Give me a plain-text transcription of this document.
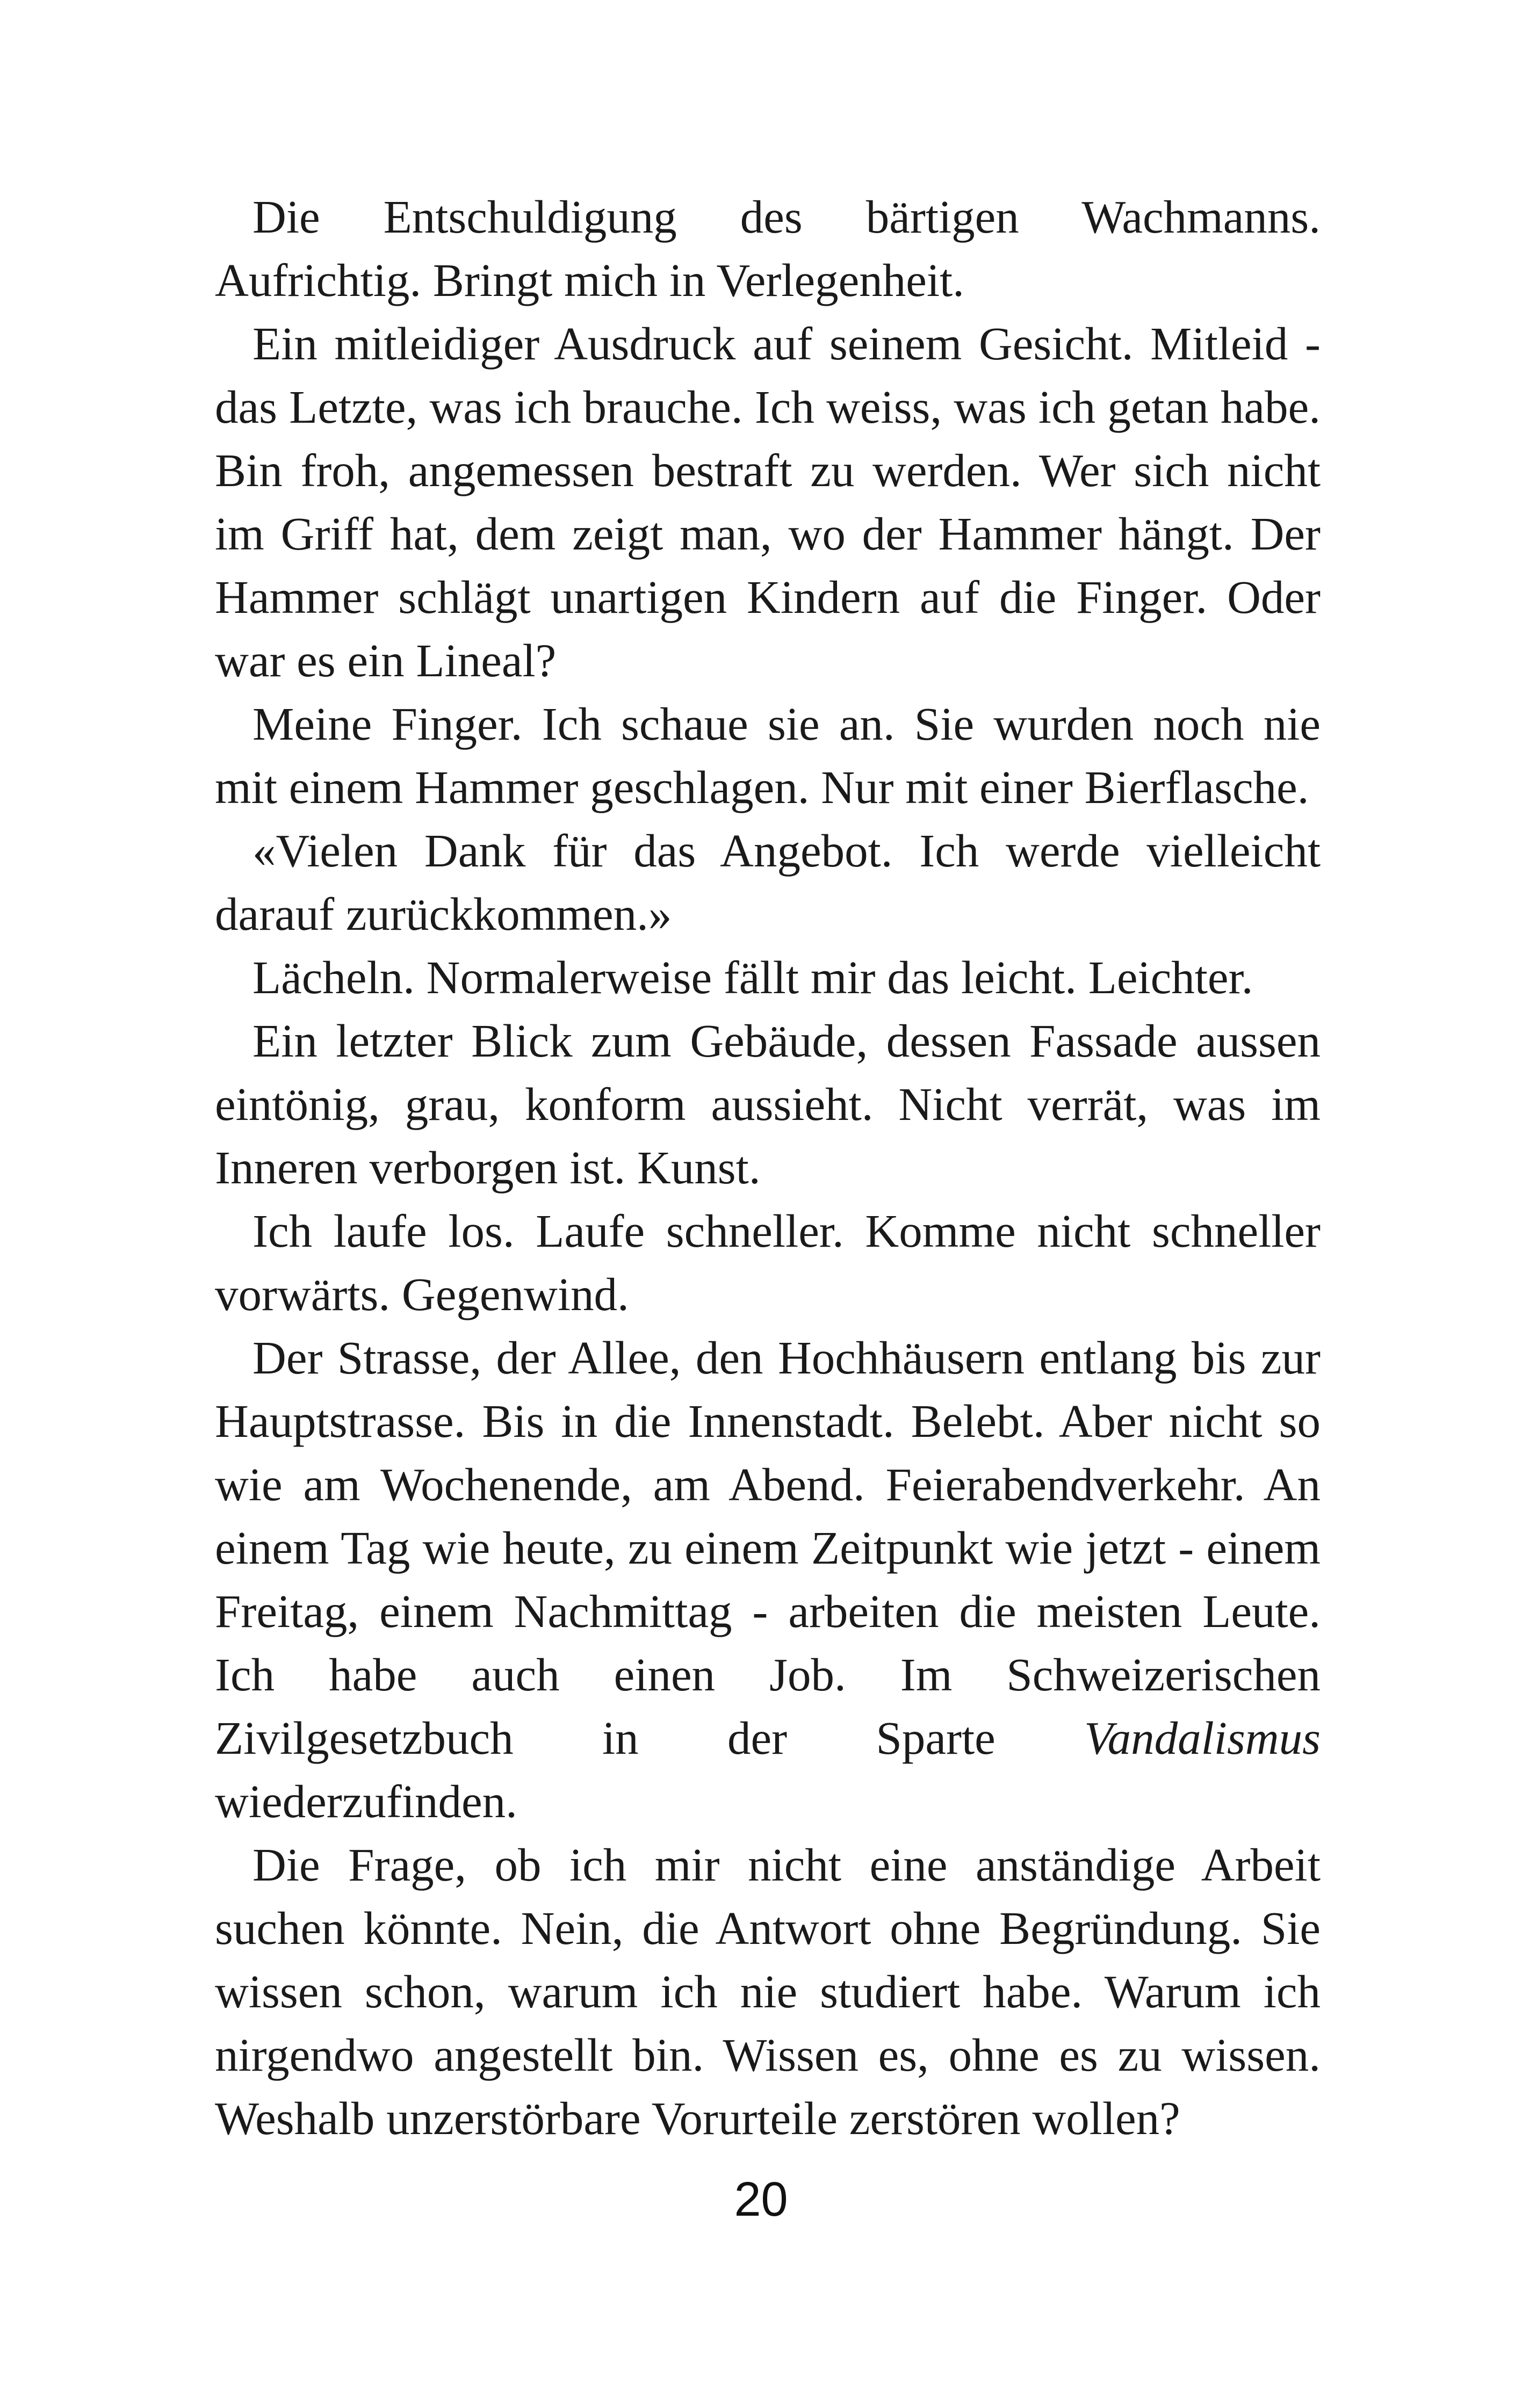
Die Entschuldigung des bärtigen Wachmanns. Aufrichtig. Bringt mich in Verlegenheit.

Ein mitleidiger Ausdruck auf seinem Gesicht. Mitleid - das Letzte, was ich brauche. Ich weiss, was ich getan habe. Bin froh, angemessen bestraft zu werden. Wer sich nicht im Griff hat, dem zeigt man, wo der Hammer hängt. Der Hammer schlägt unartigen Kindern auf die Finger. Oder war es ein Lineal?

Meine Finger. Ich schaue sie an. Sie wurden noch nie mit einem Hammer geschlagen. Nur mit einer Bierflasche.

«Vielen Dank für das Angebot. Ich werde vielleicht darauf zurückkommen.»

Lächeln. Normalerweise fällt mir das leicht. Leichter.

Ein letzter Blick zum Gebäude, dessen Fassade aussen eintönig, grau, konform aussieht. Nicht verrät, was im Inneren verborgen ist. Kunst.

Ich laufe los. Laufe schneller. Komme nicht schneller vorwärts. Gegenwind.

Der Strasse, der Allee, den Hochhäusern entlang bis zur Hauptstrasse. Bis in die Innenstadt. Belebt. Aber nicht so wie am Wochenende, am Abend. Feierabendverkehr. An einem Tag wie heute, zu einem Zeitpunkt wie jetzt - einem Freitag, einem Nachmittag - arbeiten die meisten Leute. Ich habe auch einen Job. Im Schweizerischen Zivilgesetzbuch in der Sparte Vandalismus wiederzufinden.

Die Frage, ob ich mir nicht eine anständige Arbeit suchen könnte. Nein, die Antwort ohne Begründung. Sie wissen schon, warum ich nie studiert habe. Warum ich nirgendwo angestellt bin. Wissen es, ohne es zu wissen. Weshalb unzerstörbare Vorurteile zerstören wollen?

20
